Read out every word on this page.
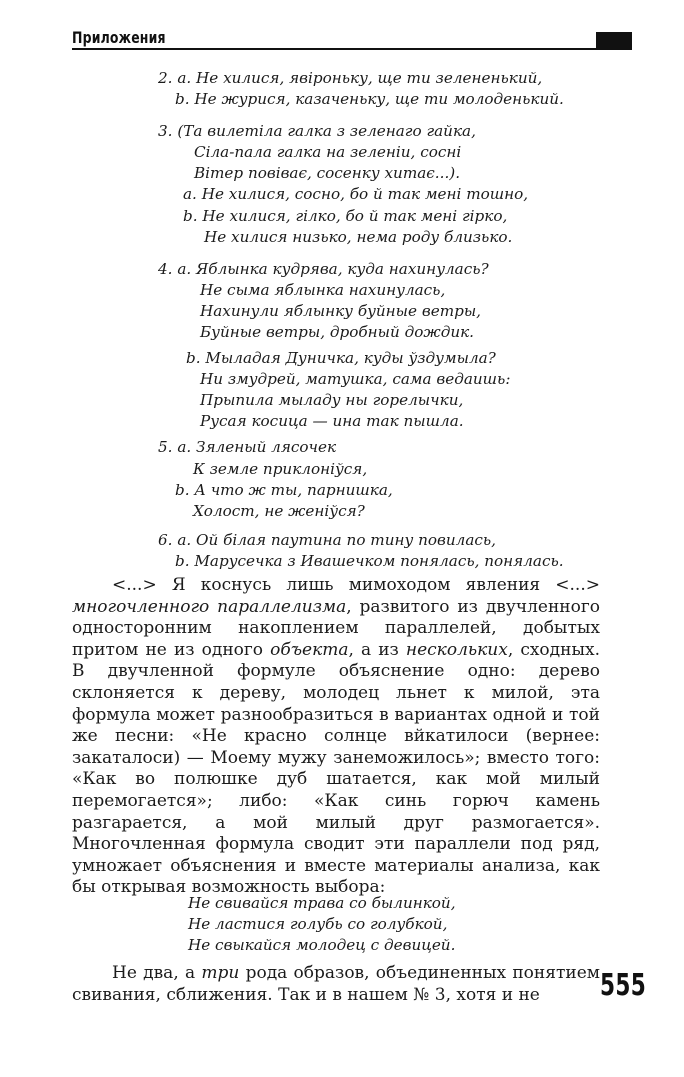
Приложения
2. a. Не хилися, явіроньку, ще ти зелененький,
b. Не журися, казаченьку, ще ти молоденький.
3. (Та вилетіла галка з зеленаго гайка,
Сіла-пала галка на зеленіи, сосні
Вітер повіває, сосенку хитає...).
a. Не хилися, сосно, бо й так мені тошно,
b. Не хилися, гілко, бо й так мені гірко,
Не хилися низько, нема роду близько.
4. a. Яблынка кудрява, куда нахинулась?
Не сыма яблынка нахинулась,
Нахинули яблынку буйные ветры,
Буйные ветры, дробный дождик.
b. Мыладая Дуничка, куды ўздумыла?
Ни змудрей, матушка, сама ведаишь:
Прыпила мыладу ны горелычки,
Русая косица — ина так пышла.
5. a. Зяленый лясочек
К земле приклоніўся,
b. А что ж ты, парнишка,
Холост, не женіўся?
6. a. Ой білая паутина по тину повилась,
b. Марусечка з Ивашечком понялась, понялась.

<...> Я коснусь лишь мимоходом явления <...> многочленного параллелизма, развитого из двучленного односторонним накоплением параллелей, добытых притом не из одного объекта, а из нескольких, сходных. В двучленной формуле объяснение одно: дерево склоняется к дереву, молодец льнет к милой, эта формула может разнообразиться в вариантах одной и той же песни: «Не красно солнце вйкатилоси (вернее: закаталоси) — Моему мужу занеможилось»; вместо того: «Как во полюшке дуб шатается, как мой милый перемогается»; либо: «Как синь горюч камень разгарается, а мой милый друг размогается». Многочленная формула сводит эти параллели под ряд, умножает объяснения и вместе материалы анализа, как бы открывая возможность выбора:

Не свивайся трава со былинкой,
Не ластися голубь со голубкой,
Не свыкайся молодец с девицей.

Не два, а три рода образов, объединенных понятием свивания, сближения. Так и в нашем № 3, хотя и не	555
